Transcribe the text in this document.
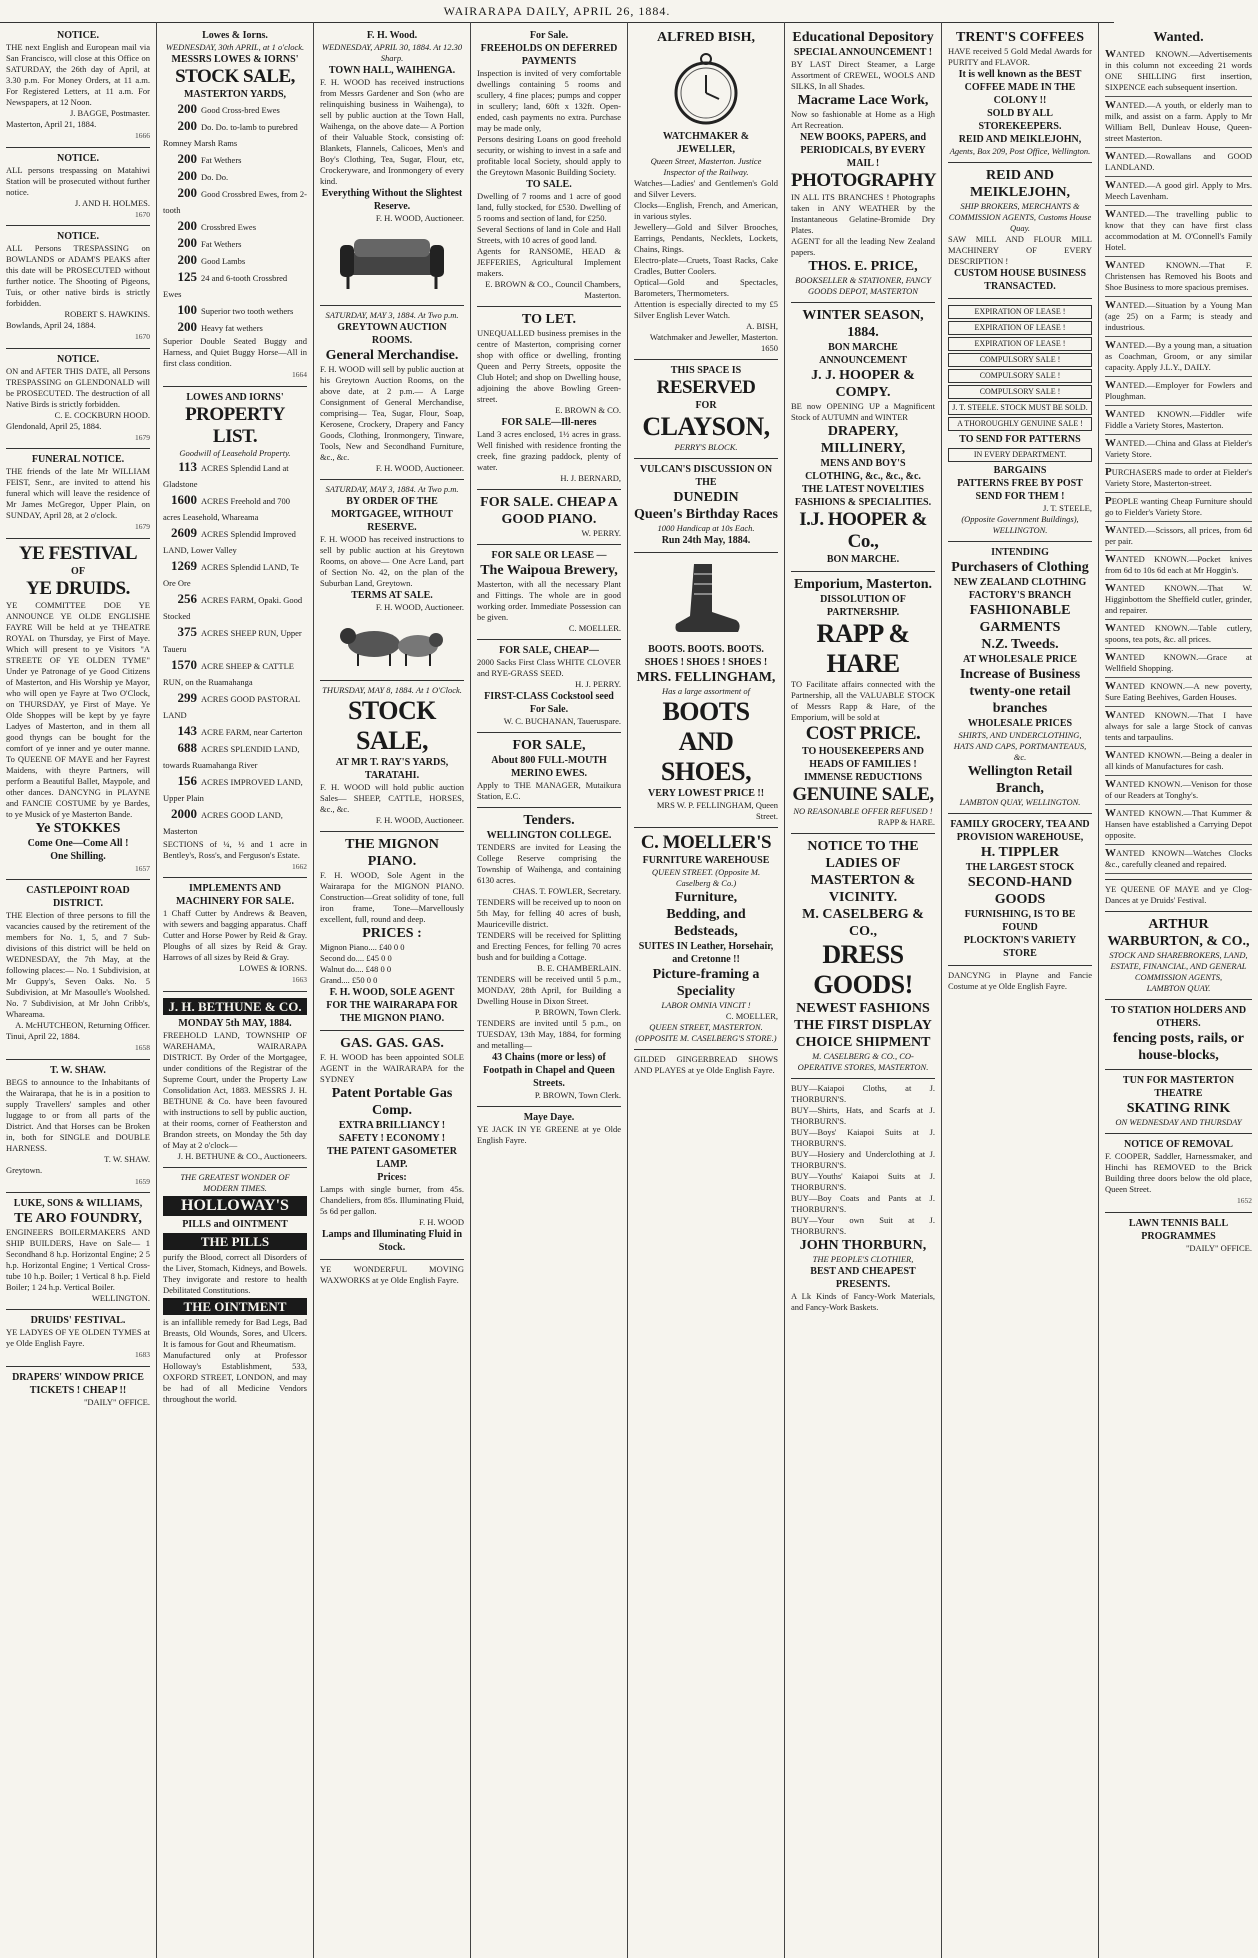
WAIRARAPA DAILY, APRIL 26, 1884.
NOTICE.
THE next English and European mail via San Francisco, will close at this Office on SATURDAY, the 26th day of April, at 3.30 p.m. For Money Orders, at 11 a.m. For Registered Letters, at 11 a.m. For Newspapers, at 12 Noon.
J. BAGGE, Postmaster.
Masterton, April 21, 1884.
1666
NOTICE.
ALL persons trespassing on Matahiwi Station will be prosecuted without further notice.
J. AND H. HOLMES.
1670
NOTICE.
ALL Persons TRESPASSING on BOWLANDS or ADAM'S PEAKS after this date will be PROSECUTED without further notice. The Shooting of Pigeons, Tuis, or other native birds is strictly forbidden.
ROBERT S. HAWKINS.
Bowlands, April 24, 1884.
1670
NOTICE.
ON and AFTER THIS DATE, all Persons TRESPASSING on GLENDONALD will be PROSECUTED. The destruction of all Native Birds is strictly forbidden.
C. E. COCKBURN HOOD.
Glendonald, April 25, 1884.
1679
FUNERAL NOTICE.
THE friends of the late Mr WILLIAM FEIST, Senr., are invited to attend his funeral which will leave the residence of Mr James McGregor, Upper Plain, on SUNDAY, April 28, at 2 o'clock.
1679
YE FESTIVAL
OF
YE DRUIDS.
YE COMMITTEE DOE YE ANNOUNCE YE OLDE ENGLISHE FAYRE Will be held at ye THEATRE ROYAL on Thursday, ye First of Maye. Which will present to ye Visitors "A STREETE OF YE OLDEN TYME" Under ye Patronage of ye Good Citizens of Masterton, and His Worship ye Mayor, who will open ye Fayre at Two O'Clock, on THURSDAY, ye First of Maye. Ye Olde Shoppes will be kept by ye fayre Ladyes of Masterton, and in them all good thyngs can be bought for the comfort of ye inner and ye outer manne. To QUEENE OF MAYE and her Fayrest Maidens, with theyre Partners, will perform a Beautiful Ballet, Maypole, and other dances. DANCYNG in PLAYNE and FANCIE COSTUME by ye Bardes, to ye Musick of ye Masterton Bande.
Ye STOKKES
Come One—Come All !
One Shilling.
1657
CASTLEPOINT ROAD DISTRICT.
THE Election of three persons to fill the vacancies caused by the retirement of the members for No. 1, 5, and 7 Sub-divisions of this district will be held on WEDNESDAY, the 7th May, at the following places:— No. 1 Subdivision, at Mr Guppy's, Seven Oaks. No. 5 Subdivision, at Mr Masoulle's Woolshed. No. 7 Subdivision, at Mr John Cribb's, Whareama.
A. McHUTCHEON, Returning Officer.
Tinui, April 22, 1884.
1658
T. W. SHAW.
BEGS to announce to the Inhabitants of the Wairarapa, that he is in a position to supply Travellers' samples and other luggage to or from all parts of the District. And that Horses can be Broken in, both for SINGLE and DOUBLE HARNESS.
T. W. SHAW.
Greytown.
1659
LUKE, SONS & WILLIAMS,
TE ARO FOUNDRY,
ENGINEERS BOILERMAKERS AND SHIP BUILDERS, Have on Sale— 1 Secondhand 8 h.p. Horizontal Engine; 2 5 h.p. Horizontal Engine; 1 Vertical Cross-tube 10 h.p. Boiler; 1 Vertical 8 h.p. Field Boiler; 1 24 h.p. Vertical Boiler.
WELLINGTON.
DRUIDS' FESTIVAL.
YE LADYES OF YE OLDEN TYMES at ye Olde English Fayre.
1683
DRAPERS' WINDOW PRICE TICKETS ! CHEAP !!
"DAILY" OFFICE.
Lowes & Iorns.
WEDNESDAY, 30th APRIL, at 1 o'clock.
MESSRS LOWES & IORNS'
STOCK SALE,
MASTERTON YARDS,
200 Good Cross-bred Ewes
200 Do. Do. to-lamb to purebred Romney Marsh Rams
200 Fat Wethers
200 Do. Do.
200 Good Crossbred Ewes, from 2-tooth
200 Crossbred Ewes
200 Fat Wethers
200 Good Lambs
125 24 and 6-tooth Crossbred Ewes
100 Superior two tooth wethers
200 Heavy fat wethers
Superior Double Seated Buggy and Harness, and Quiet Buggy Horse—All in first class condition.
1664
LOWES AND IORNS'
PROPERTY LIST.
Goodwill of Leasehold Property.
113 ACRES Splendid Land at Gladstone
1600 ACRES Freehold and 700 acres Leasehold, Whareama
2609 ACRES Splendid Improved LAND, Lower Valley
1269 ACRES Splendid LAND, Te Ore Ore
256 ACRES FARM, Opaki. Good Stocked
375 ACRES SHEEP RUN, Upper Taueru
1570 ACRE SHEEP & CATTLE RUN, on the Ruamahanga
299 ACRES GOOD PASTORAL LAND
143 ACRE FARM, near Carterton
688 ACRES SPLENDID LAND, towards Ruamahanga River
156 ACRES IMPROVED LAND, Upper Plain
2000 ACRES GOOD LAND, Masterton
SECTIONS of ¼, ½ and 1 acre in Bentley's, Ross's, and Ferguson's Estate.
1662
IMPLEMENTS AND MACHINERY FOR SALE.
1 Chaff Cutter by Andrews & Beaven, with sewers and bagging apparatus. Chaff Cutter and Horse Power by Reid & Gray. Ploughs of all sizes by Reid & Gray. Harrows of all sizes by Reid & Gray.
LOWES & IORNS.
1663
J. H. BETHUNE & CO.
MONDAY 5th MAY, 1884.
FREEHOLD LAND, TOWNSHIP OF WAREHAMA, WAIRARAPA DISTRICT. By Order of the Mortgagee, under conditions of the Registrar of the Supreme Court, under the Property Law Consolidation Act, 1883. MESSRS J. H. BETHUNE & Co. have been favoured with instructions to sell by public auction, at their rooms, corner of Featherston and Brandon streets, on Monday the 5th day of May at 2 o'clock—
J. H. BETHUNE & CO., Auctioneers.
THE GREATEST WONDER OF MODERN TIMES.
HOLLOWAY'S
PILLS and OINTMENT
THE PILLS
purify the Blood, correct all Disorders of the Liver, Stomach, Kidneys, and Bowels. They invigorate and restore to health Debilitated Constitutions.
THE OINTMENT
is an infallible remedy for Bad Legs, Bad Breasts, Old Wounds, Sores, and Ulcers. It is famous for Gout and Rheumatism.
Manufactured only at Professor Holloway's Establishment, 533, OXFORD STREET, LONDON, and may be had of all Medicine Vendors throughout the world.
F. H. Wood.
WEDNESDAY, APRIL 30, 1884. At 12.30 Sharp.
TOWN HALL, WAIHENGA.
F. H. WOOD has received instructions from Messrs Gardener and Son (who are relinquishing business in Waihenga), to sell by public auction at the Town Hall, Waihenga, on the above date— A Portion of their Valuable Stock, consisting of: Blankets, Flannels, Calicoes, Men's and Boy's Clothing, Tea, Sugar, Flour, etc, Crockeryware, and Ironmongery of every kind.
Everything Without the Slightest Reserve.
F. H. WOOD, Auctioneer.
SATURDAY, MAY 3, 1884. At Two p.m.
GREYTOWN AUCTION ROOMS.
General Merchandise.
F. H. WOOD will sell by public auction at his Greytown Auction Rooms, on the above date, at 2 p.m.— A Large Consignment of General Merchandise, comprising— Tea, Sugar, Flour, Soap, Kerosene, Crockery, Drapery and Fancy Goods, Clothing, Ironmongery, Tinware, Tools, New and Secondhand Furniture, &c., &c.
F. H. WOOD, Auctioneer.
SATURDAY, MAY 3, 1884. At Two p.m.
BY ORDER OF THE MORTGAGEE, WITHOUT RESERVE.
F. H. WOOD has received instructions to sell by public auction at his Greytown Rooms, on above— One Acre Land, part of Section No. 42, on the plan of the Suburban Land, Greytown.
TERMS AT SALE.
F. H. WOOD, Auctioneer.
THURSDAY, MAY 8, 1884. At 1 O'Clock.
STOCK SALE,
AT MR T. RAY'S YARDS, TARATAHI.
F. H. WOOD will hold public auction Sales— SHEEP, CATTLE, HORSES, &c., &c.
F. H. WOOD, Auctioneer.
THE MIGNON PIANO.
F. H. WOOD, Sole Agent in the Wairarapa for the MIGNON PIANO. Construction—Great solidity of tone, full iron frame, Tone—Marvellously excellent, full, round and deep.
PRICES :
Mignon Piano.... £40 0 0
Second do.... £45 0 0
Walnut do.... £48 0 0
Grand.... £50 0 0
F. H. WOOD, SOLE AGENT FOR THE WAIRARAPA FOR THE MIGNON PIANO.
GAS. GAS. GAS.
F. H. WOOD has been appointed SOLE AGENT in the WAIRARAPA for the SYDNEY
Patent Portable Gas Comp.
EXTRA BRILLIANCY ! SAFETY ! ECONOMY !
THE PATENT GASOMETER LAMP.
Prices:
Lamps with single burner, from 45s. Chandeliers, from 85s. Illuminating Fluid, 5s 6d per gallon.
F. H. WOOD
Lamps and Illuminating Fluid in Stock.
YE WONDERFUL MOVING WAXWORKS at ye Olde English Fayre.
For Sale.
FREEHOLDS ON DEFERRED PAYMENTS
Inspection is invited of very comfortable dwellings containing 5 rooms and scullery, 4 fine places; pumps and copper in scullery; land, 60ft x 132ft. Open-ended, cash payments no extra. Purchase may be made only,
Persons desiring Loans on good freehold security, or wishing to invest in a safe and profitable local Society, should apply to the Greytown Masonic Building Society.
TO SALE.
Dwelling of 7 rooms and 1 acre of good land, fully stocked, for £530. Dwelling of 5 rooms and section of land, for £250.
Several Sections of land in Cole and Hall Streets, with 10 acres of good land.
Agents for RANSOME, HEAD & JEFFERIES, Agricultural Implement makers.
E. BROWN & CO., Council Chambers, Masterton.
TO LET.
UNEQUALLED business premises in the centre of Masterton, comprising corner shop with office or dwelling, fronting Queen and Perry Streets, opposite the Club Hotel; and shop on Dwelling house, adjoining the above Bowling Green-street.
E. BROWN & CO.
FOR SALE—Ill-neres
Land 3 acres enclosed, 1½ acres in grass. Well finished with residence fronting the creek, fine grazing paddock, plenty of water.
H. J. BERNARD,
FOR SALE. CHEAP A GOOD PIANO.
W. PERRY.
FOR SALE OR LEASE —
The Waipoua Brewery,
Masterton, with all the necessary Plant and Fittings. The whole are in good working order. Immediate Possession can be given.
C. MOELLER.
FOR SALE, CHEAP—
2000 Sacks First Class WHITE CLOVER and RYE-GRASS SEED.
H. J. PERRY.
FIRST-CLASS Cockstool seed For Sale.
W. C. BUCHANAN, Taueruspare.
FOR SALE,
About 800 FULL-MOUTH MERINO EWES.
Apply to THE MANAGER, Mutaikura Station, E.C.
Tenders.
WELLINGTON COLLEGE.
TENDERS are invited for Leasing the College Reserve comprising the Township of Waihenga, and containing 6130 acres.
CHAS. T. FOWLER, Secretary.
TENDERS will be received up to noon on 5th May, for felling 40 acres of bush, Mauriceville district.
TENDERS will be received for Splitting and Erecting Fences, for felling 70 acres bush and for building a Cottage.
B. E. CHAMBERLAIN.
TENDERS will be received until 5 p.m., MONDAY, 28th April, for Building a Dwelling House in Dixon Street.
P. BROWN, Town Clerk.
TENDERS are invited until 5 p.m., on TUESDAY, 13th May, 1884, for forming and metalling—
43 Chains (more or less) of Footpath in Chapel and Queen Streets.
P. BROWN, Town Clerk.
Maye Daye.
YE JACK IN YE GREENE at ye Olde English Fayre.
ALFRED BISH,
WATCHMAKER & JEWELLER,
Queen Street, Masterton. Justice Inspector of the Railway.
Watches—Ladies' and Gentlemen's Gold and Silver Levers.
Clocks—English, French, and American, in various styles.
Jewellery—Gold and Silver Brooches, Earrings, Pendants, Necklets, Lockets, Chains, Rings.
Electro-plate—Cruets, Toast Racks, Cake Cradles, Butter Coolers.
Optical—Gold and Spectacles, Barometers, Thermometers.
Attention is especially directed to my £5 Silver English Lever Watch.
A. BISH,
Watchmaker and Jeweller, Masterton. 1650
THIS SPACE IS
RESERVED
FOR
CLAYSON,
PERRY'S BLOCK.
VULCAN'S DISCUSSION ON THE
DUNEDIN
Queen's Birthday Races
1000 Handicap at 10s Each.
Run 24th May, 1884.
BOOTS. BOOTS. BOOTS.
SHOES ! SHOES ! SHOES !
MRS. FELLINGHAM,
Has a large assortment of
BOOTS AND SHOES,
VERY LOWEST PRICE !!
MRS W. P. FELLINGHAM, Queen Street.
C. MOELLER'S
FURNITURE WAREHOUSE
QUEEN STREET. (Opposite M. Caselberg & Co.)
Furniture,
Bedding, and Bedsteads,
SUITES IN Leather, Horsehair, and Cretonne !!
Picture-framing a Speciality
LABOR OMNIA VINCIT !
C. MOELLER,
QUEEN STREET, MASTERTON. (OPPOSITE M. CASELBERG'S STORE.)
GILDED GINGERBREAD SHOWS AND PLAYES at ye Olde English Fayre.
Educational Depository
SPECIAL ANNOUNCEMENT !
BY LAST Direct Steamer, a Large Assortment of CREWEL, WOOLS AND SILKS, In all Shades.
Macrame Lace Work,
Now so fashionable at Home as a High Art Recreation.
NEW BOOKS, PAPERS, and PERIODICALS, BY EVERY MAIL !
PHOTOGRAPHY
IN ALL ITS BRANCHES ! Photographs taken in ANY WEATHER by the Instantaneous Gelatine-Bromide Dry Plates.
AGENT for all the leading New Zealand papers.
THOS. E. PRICE,
BOOKSELLER & STATIONER, FANCY GOODS DEPOT, MASTERTON
WINTER SEASON, 1884.
BON MARCHE ANNOUNCEMENT
J. J. HOOPER & COMPY.
BE now OPENING UP a Magnificent Stock of AUTUMN and WINTER
DRAPERY, MILLINERY,
MENS AND BOY'S CLOTHING, &c., &c., &c.
THE LATEST NOVELTIES
FASHIONS & SPECIALITIES.
I.J. HOOPER & Co.,
BON MARCHE.
Emporium, Masterton.
DISSOLUTION OF PARTNERSHIP.
RAPP & HARE
TO Facilitate affairs connected with the Partnership, all the VALUABLE STOCK of Messrs Rapp & Hare, of the Emporium, will be sold at
COST PRICE.
TO HOUSEKEEPERS AND HEADS OF FAMILIES !
IMMENSE REDUCTIONS
GENUINE SALE,
NO REASONABLE OFFER REFUSED !
RAPP & HARE.
NOTICE TO THE LADIES OF MASTERTON & VICINITY.
M. CASELBERG & CO.,
DRESS GOODS!
NEWEST FASHIONS
THE FIRST DISPLAY
CHOICE SHIPMENT
M. CASELBERG & CO., CO-OPERATIVE STORES, MASTERTON.
BUY—Kaiapoi Cloths, at J. THORBURN'S.
BUY—Shirts, Hats, and Scarfs at J. THORBURN'S.
BUY—Boys' Kaiapoi Suits at J. THORBURN'S.
BUY—Hosiery and Underclothing at J. THORBURN'S.
BUY—Youths' Kaiapoi Suits at J. THORBURN'S.
BUY—Boy Coats and Pants at J. THORBURN'S.
BUY—Your own Suit at J. THORBURN'S.
JOHN THORBURN,
THE PEOPLE'S CLOTHIER,
BEST AND CHEAPEST PRESENTS.
A Lk Kinds of Fancy-Work Materials, and Fancy-Work Baskets.
TRENT'S COFFEES
HAVE received 5 Gold Medal Awards for PURITY and FLAVOR.
It is well known as the BEST COFFEE MADE IN THE COLONY !!
SOLD BY ALL STOREKEEPERS.
REID AND MEIKLEJOHN,
Agents, Box 209, Post Office, Wellington.
REID AND MEIKLEJOHN,
SHIP BROKERS, MERCHANTS & COMMISSION AGENTS, Customs House Quay.
SAW MILL AND FLOUR MILL MACHINERY OF EVERY DESCRIPTION !
CUSTOM HOUSE BUSINESS TRANSACTED.
EXPIRATION OF LEASE !
EXPIRATION OF LEASE !
EXPIRATION OF LEASE !
COMPULSORY SALE !
COMPULSORY SALE !
COMPULSORY SALE !
J. T. STEELE. STOCK MUST BE SOLD.
A THOROUGHLY GENUINE SALE !
TO SEND FOR PATTERNS
IN EVERY DEPARTMENT.
BARGAINS
PATTERNS FREE BY POST SEND FOR THEM !
J. T. STEELE,
(Opposite Government Buildings), WELLINGTON.
INTENDING
Purchasers of Clothing
NEW ZEALAND CLOTHING FACTORY'S BRANCH
FASHIONABLE GARMENTS
N.Z. Tweeds.
AT WHOLESALE PRICE
Increase of Business
twenty-one retail branches
WHOLESALE PRICES
SHIRTS, AND UNDERCLOTHING, HATS AND CAPS, PORTMANTEAUS, &c.
Wellington Retail Branch,
LAMBTON QUAY, WELLINGTON.
FAMILY GROCERY, TEA AND PROVISION WAREHOUSE,
H. TIPPLER
THE LARGEST STOCK
SECOND-HAND GOODS
FURNISHING, IS TO BE FOUND
PLOCKTON'S VARIETY STORE
DANCYNG in Playne and Fancie Costume at ye Olde English Fayre.
Wanted.
WANTED KNOWN.—Advertisements in this column not exceeding 21 words ONE SHILLING first insertion, SIXPENCE each subsequent insertion.
WANTED.—A youth, or elderly man to milk, and assist on a farm. Apply to Mr William Bell, Dunleav House, Queen-street Masterton.
WANTED.—Rowallans and GOOD LANDLAND.
WANTED.—A good girl. Apply to Mrs. Meech Lavenham.
WANTED.—The travelling public to know that they can have first class accommodation at M. O'Connell's Family Hotel.
WANTED KNOWN.—That F. Christensen has Removed his Boots and Shoe Business to more spacious premises.
WANTED.—Situation by a Young Man (age 25) on a Farm; is steady and industrious.
WANTED.—By a young man, a situation as Coachman, Groom, or any similar capacity. Apply J.L.Y., DAILY.
WANTED.—Employer for Fowlers and Ploughman.
WANTED KNOWN.—Fiddler wife Fiddle a Variety Stores, Masterton.
WANTED.—China and Glass at Fielder's Variety Store.
PURCHASERS made to order at Fielder's Variety Store, Masterton-street.
PEOPLE wanting Cheap Furniture should go to Fielder's Variety Store.
WANTED.—Scissors, all prices, from 6d per pair.
WANTED KNOWN.—Pocket knives from 6d to 10s 6d each at Mr Hoggin's.
WANTED KNOWN.—That W. Higginbottom the Sheffield cutler, grinder, and repairer.
WANTED KNOWN.—Table cutlery, spoons, tea pots, &c. all prices.
WANTED KNOWN.—Grace at Wellfield Shopping.
WANTED KNOWN.—A new poverty, Sure Eating Beehives, Garden Houses.
WANTED KNOWN.—That I have always for sale a large Stock of canvas tents and tarpaulins.
WANTED KNOWN.—Being a dealer in all kinds of Manufactures for cash.
WANTED KNOWN.—Venison for those of our Readers at Tonghy's.
WANTED KNOWN.—That Kummer & Hansen have established a Carrying Depot opposite.
WANTED KNOWN—Watches Clocks &c., carefully cleaned and repaired.
YE QUEENE OF MAYE and ye Clog-Dances at ye Druids' Festival.
ARTHUR WARBURTON, & CO.,
STOCK AND SHAREBROKERS, LAND, ESTATE, FINANCIAL, AND GENERAL COMMISSION AGENTS,
LAMBTON QUAY.
TO STATION HOLDERS AND OTHERS.
fencing posts, rails, or house-blocks,
TUN FOR MASTERTON
THEATRE
SKATING RINK
ON WEDNESDAY AND THURSDAY
NOTICE OF REMOVAL
F. COOPER, Saddler, Harnessmaker, and Hinchi has REMOVED to the Brick Building three doors below the old place, Queen Street.
1652
LAWN TENNIS BALL PROGRAMMES
"DAILY" OFFICE.
